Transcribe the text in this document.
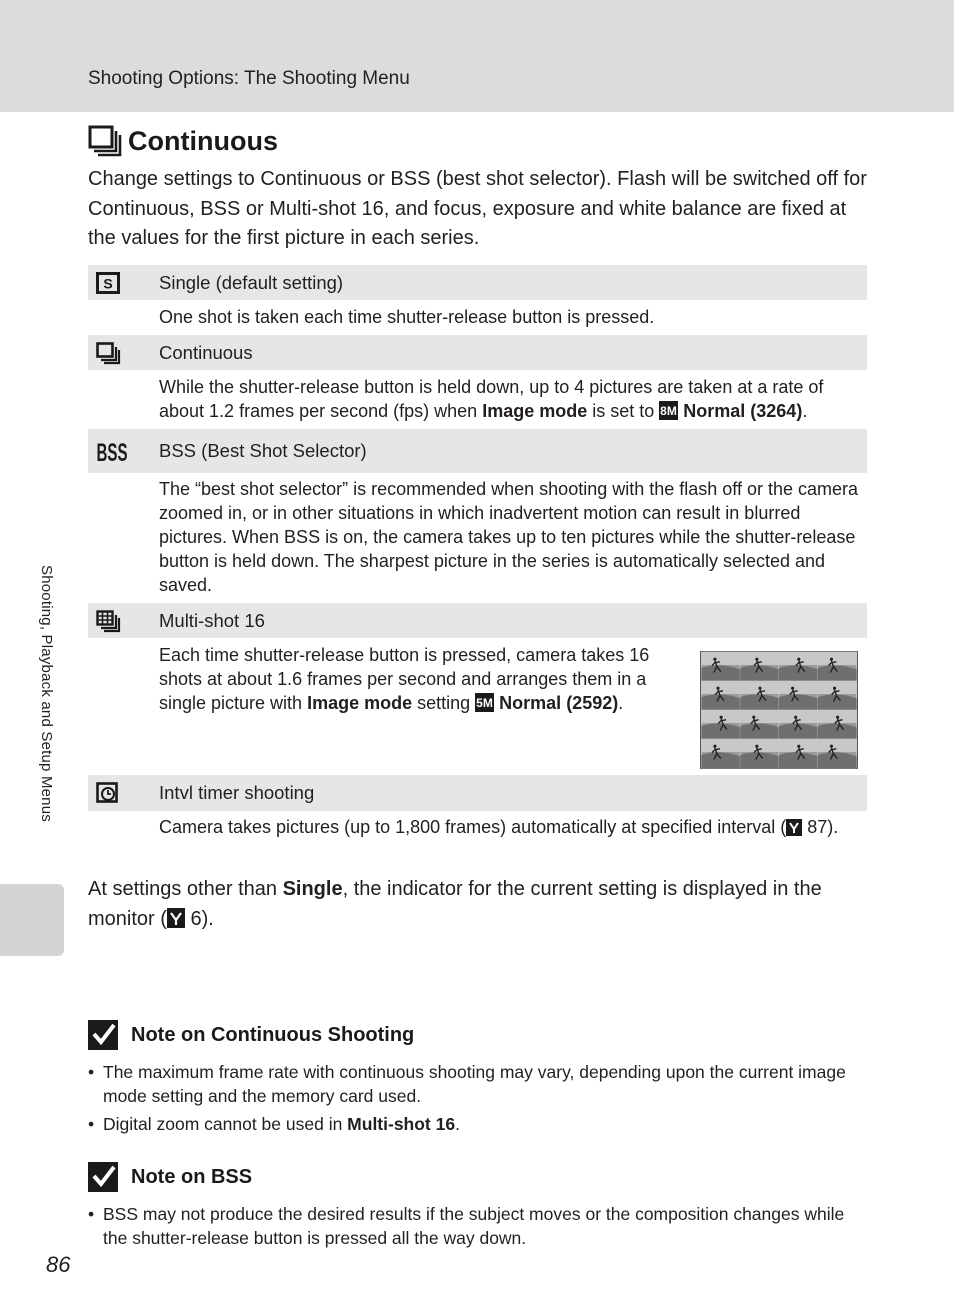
Shooting Options: The Shooting Menu
Shooting, Playback and Setup Menus
Continuous
Change settings to Continuous or BSS (best shot selector). Flash will be switched off for Continuous, BSS or Multi-shot 16, and focus, exposure and white balance are fixed at the values for the first picture in each series.
S	Single (default setting)
One shot is taken each time shutter-release button is pressed.
Continuous
While the shutter-release button is held down, up to 4 pictures are taken at a rate of about 1.2 frames per second (fps) when Image mode is set to 8M Normal (3264).
BSS BSS (Best Shot Selector)
The “best shot selector” is recommended when shooting with the flash off or the camera zoomed in, or in other situations in which inadvertent motion can result in blurred pictures. When BSS is on, the camera takes up to ten pictures while the shutter-release button is held down. The sharpest picture in the series is automatically selected and saved.
Multi-shot 16
Each time shutter-release button is pressed, camera takes 16 shots at about 1.6 frames per second and arranges them in a single picture with Image mode setting 5M Normal (2592).
Intvl timer shooting
Camera takes pictures (up to 1,800 frames) automatically at specified interval ( 87).
At settings other than Single, the indicator for the current setting is displayed in the monitor ( 6).
Note on Continuous Shooting
• The maximum frame rate with continuous shooting may vary, depending upon the current image mode setting and the memory card used.
• Digital zoom cannot be used in Multi-shot 16.
Note on BSS
• BSS may not produce the desired results if the subject moves or the composition changes while the shutter-release button is pressed all the way down.
86
